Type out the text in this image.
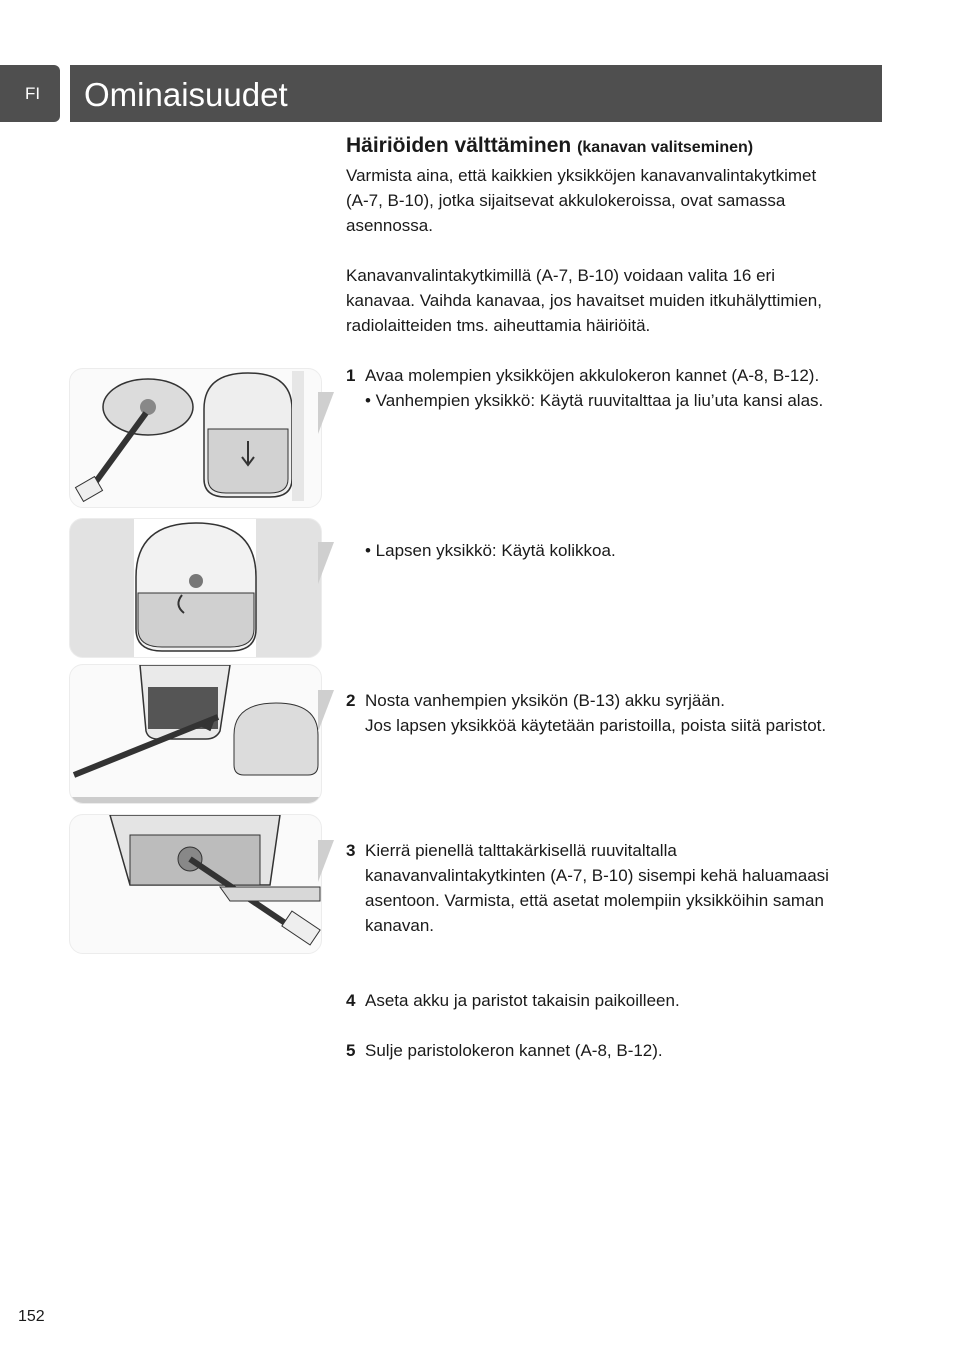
FI	Ominaisuudet
Häiriöiden välttäminen (kanavan valitseminen)

Varmista aina, että kaikkien yksikköjen kanavanvalintakytkimet
(A-7, B-10), jotka sijaitsevat akkulokeroissa, ovat samassa
asennossa.

Kanavanvalintakytkimillä (A-7, B-10) voidaan valita 16 eri
kanavaa. Vaihda kanavaa, jos havaitset muiden itkuhälyttimien,
radiolaitteiden tms. aiheuttamia häiriöitä.

1 Avaa molempien yksikköjen akkulokeron kannet (A-8, B-12).

• Vanhempien yksikkö: Käytä ruuvitalttaa ja liu’uta kansi alas.

• Lapsen yksikkö: Käytä kolikkoa.

2 Nosta vanhempien yksikön (B-13) akku syrjään.
Jos lapsen yksikköä käytetään paristoilla, poista siitä paristot.
3 Kierrä pienellä talttakärkisellä ruuvitaltalla
kanavanvalintakytkinten (A-7, B-10) sisempi kehä haluamaasi
asentoon. Varmista, että asetat molempiin yksikköihin saman
kanavan.
4 Aseta akku ja paristot takaisin paikoilleen.
5 Sulje paristolokeron kannet (A-8, B-12).
152
